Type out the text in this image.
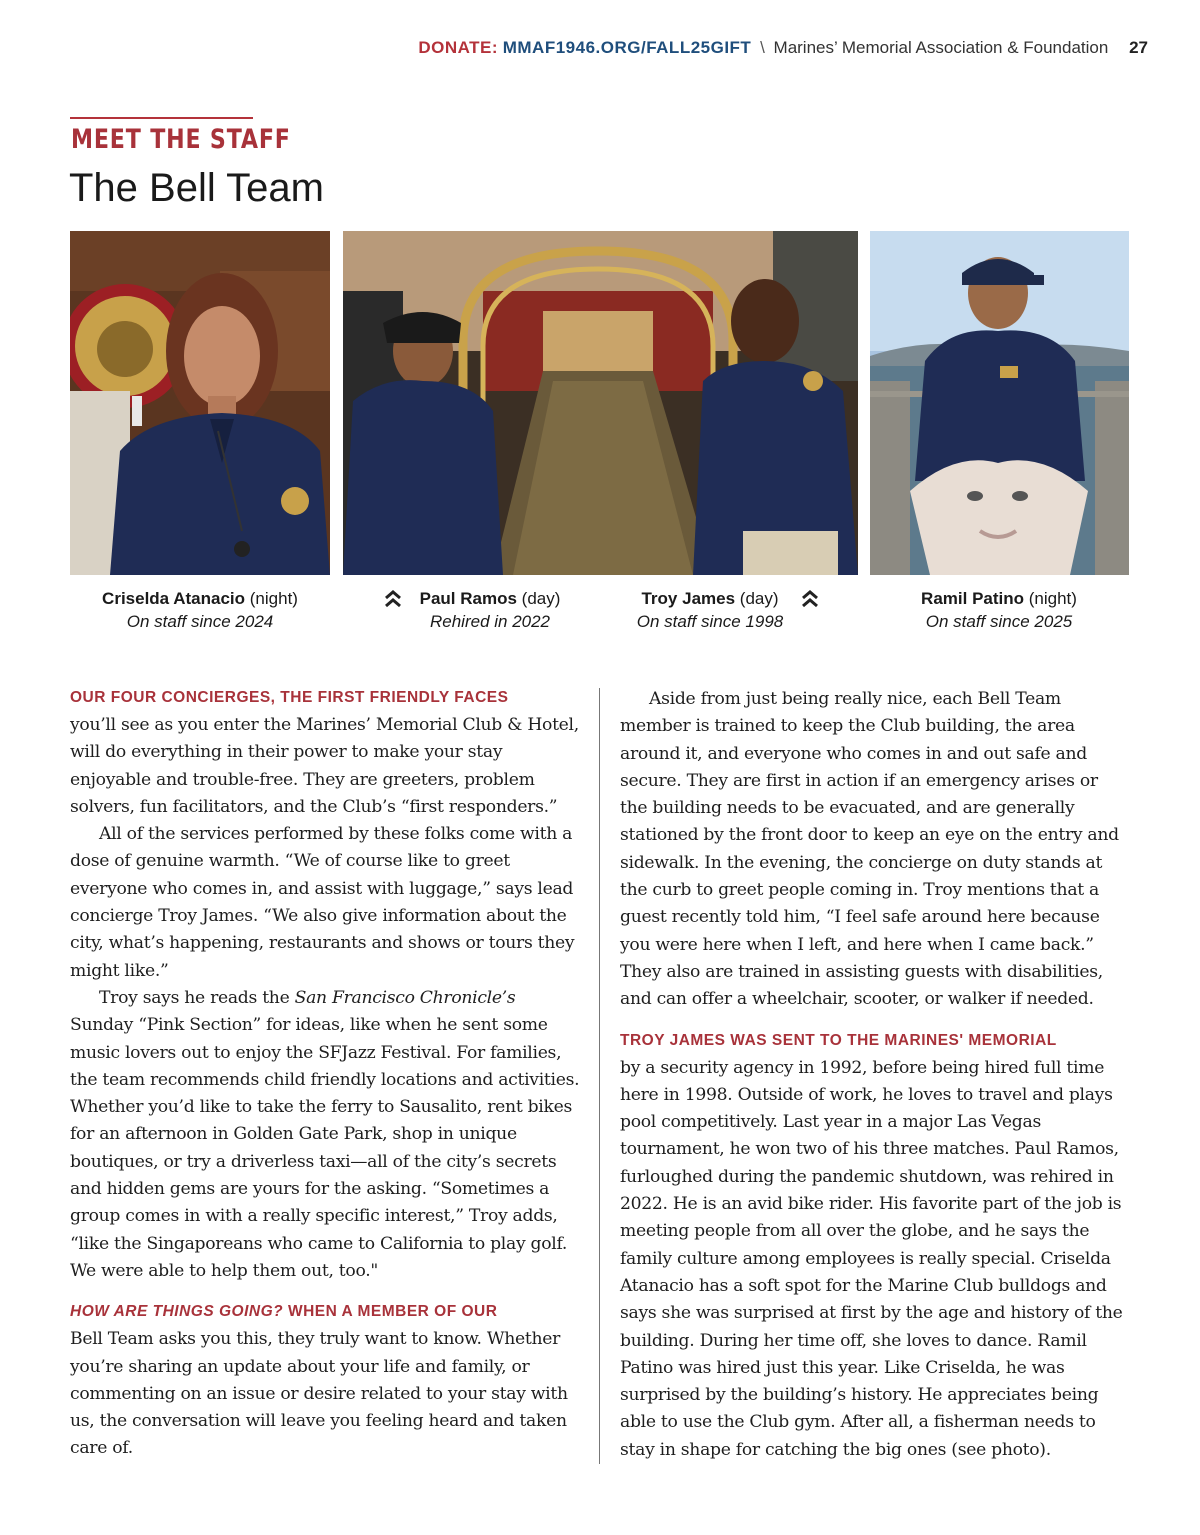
DONATE: MMAF1946.ORG/FALL25GIFT \ Marines’ Memorial Association & Foundation 27
MEET THE STAFF
The Bell Team
Criselda Atanacio (night)
On staff since 2024
Paul Ramos (day)
Rehired in 2022
Troy James (day)
On staff since 1998
Ramil Patino (night)
On staff since 2025
OUR FOUR CONCIERGES, THE FIRST FRIENDLY FACES

you’ll see as you enter the Marines’ Memorial Club & Hotel, will do everything in their power to make your stay enjoyable and trouble-free. They are greeters, problem solvers, fun facilitators, and the Club’s “first responders.”

All of the services performed by these folks come with a dose of genuine warmth. “We of course like to greet everyone who comes in, and assist with luggage,” says lead concierge Troy James. “We also give information about the city, what’s happening, restaurants and shows or tours they might like.”

Troy says he reads the San Francisco Chronicle’s Sunday “Pink Section” for ideas, like when he sent some music lovers out to enjoy the SFJazz Festival. For families, the team recommends child friendly locations and activities. Whether you’d like to take the ferry to Sausalito, rent bikes for an afternoon in Golden Gate Park, shop in unique boutiques, or try a driverless taxi—all of the city’s secrets and hidden gems are yours for the asking. “Sometimes a group comes in with a really specific interest,” Troy adds, “like the Singaporeans who came to California to play golf. We were able to help them out, too."

HOW ARE THINGS GOING? WHEN A MEMBER OF OUR

Bell Team asks you this, they truly want to know. Whether you’re sharing an update about your life and family, or commenting on an issue or desire related to your stay with us, the conversation will leave you feeling heard and taken care of.

Aside from just being really nice, each Bell Team member is trained to keep the Club building, the area around it, and everyone who comes in and out safe and secure. They are first in action if an emergency arises or the building needs to be evacuated, and are generally stationed by the front door to keep an eye on the entry and sidewalk. In the evening, the concierge on duty stands at the curb to greet people coming in. Troy mentions that a guest recently told him, “I feel safe around here because you were here when I left, and here when I came back.” They also are trained in assisting guests with disabilities, and can offer a wheelchair, scooter, or walker if needed.

TROY JAMES WAS SENT TO THE MARINES' MEMORIAL

by a security agency in 1992, before being hired full time here in 1998. Outside of work, he loves to travel and plays pool competitively. Last year in a major Las Vegas tournament, he won two of his three matches. Paul Ramos, furloughed during the pandemic shutdown, was rehired in 2022. He is an avid bike rider. His favorite part of the job is meeting people from all over the globe, and he says the family culture among employees is really special. Criselda Atanacio has a soft spot for the Marine Club bulldogs and says she was surprised at first by the age and history of the building. During her time off, she loves to dance. Ramil Patino was hired just this year. Like Criselda, he was surprised by the building’s history. He appreciates being able to use the Club gym. After all, a fisherman needs to stay in shape for catching the big ones (see photo).
